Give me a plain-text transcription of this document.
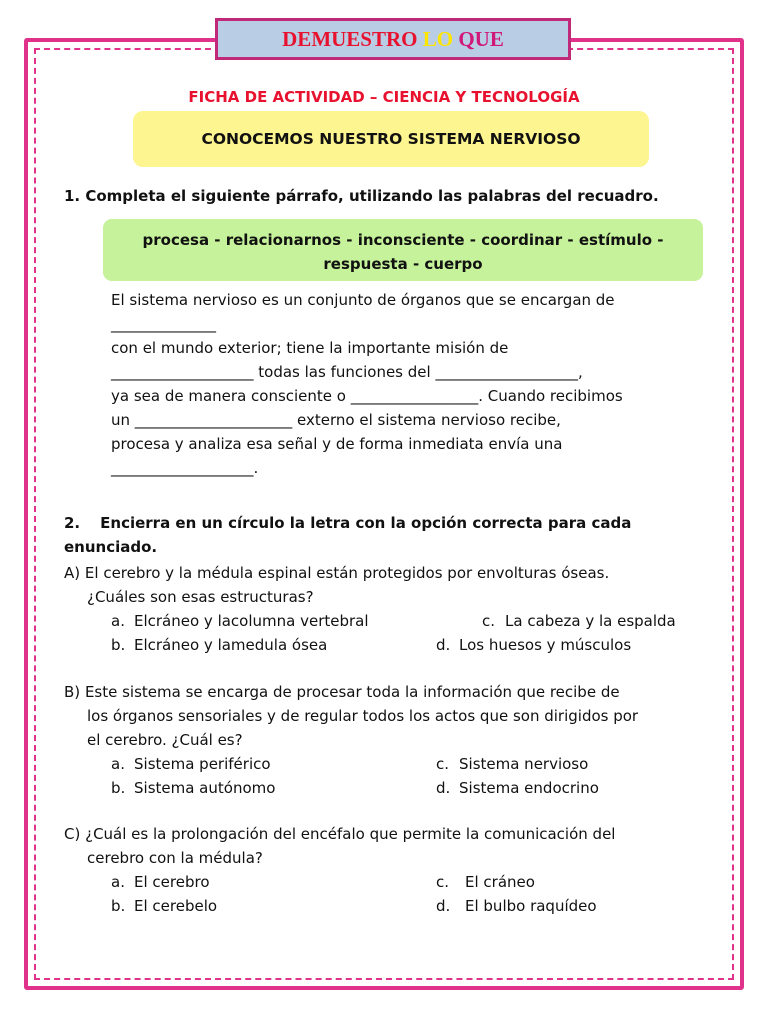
DEMUESTRO LO QUE
FICHA DE ACTIVIDAD – CIENCIA Y TECNOLOGÍA
CONOCEMOS NUESTRO SISTEMA NERVIOSO
1. Completa el siguiente párrafo, utilizando las palabras del recuadro.
procesa - relacionarnos - inconsciente - coordinar - estímulo -
respuesta - cuerpo
El sistema nervioso es un conjunto de órganos que se encargan de
______________
con el mundo exterior; tiene la importante misión de
___________________ todas las funciones del ___________________,
ya sea de manera consciente o _________________. Cuando recibimos
un _____________________ externo el sistema nervioso recibe,
procesa y analiza esa señal y de forma inmediata envía una
___________________.
2. Encierra en un círculo la letra con la opción correcta para cada
enunciado.
A) El cerebro y la médula espinal están protegidos por envolturas óseas.
¿Cuáles son esas estructuras?
a. Elcráneo y lacolumna vertebral
b. Elcráneo y lamedula ósea
c. La cabeza y la espalda
d. Los huesos y músculos
B) Este sistema se encarga de procesar toda la información que recibe de
los órganos sensoriales y de regular todos los actos que son dirigidos por
el cerebro. ¿Cuál es?
a. Sistema periférico
b. Sistema autónomo
c. Sistema nervioso
d. Sistema endocrino
C) ¿Cuál es la prolongación del encéfalo que permite la comunicación del
cerebro con la médula?
a. El cerebro
b. El cerebelo
c. El cráneo
d. El bulbo raquídeo
